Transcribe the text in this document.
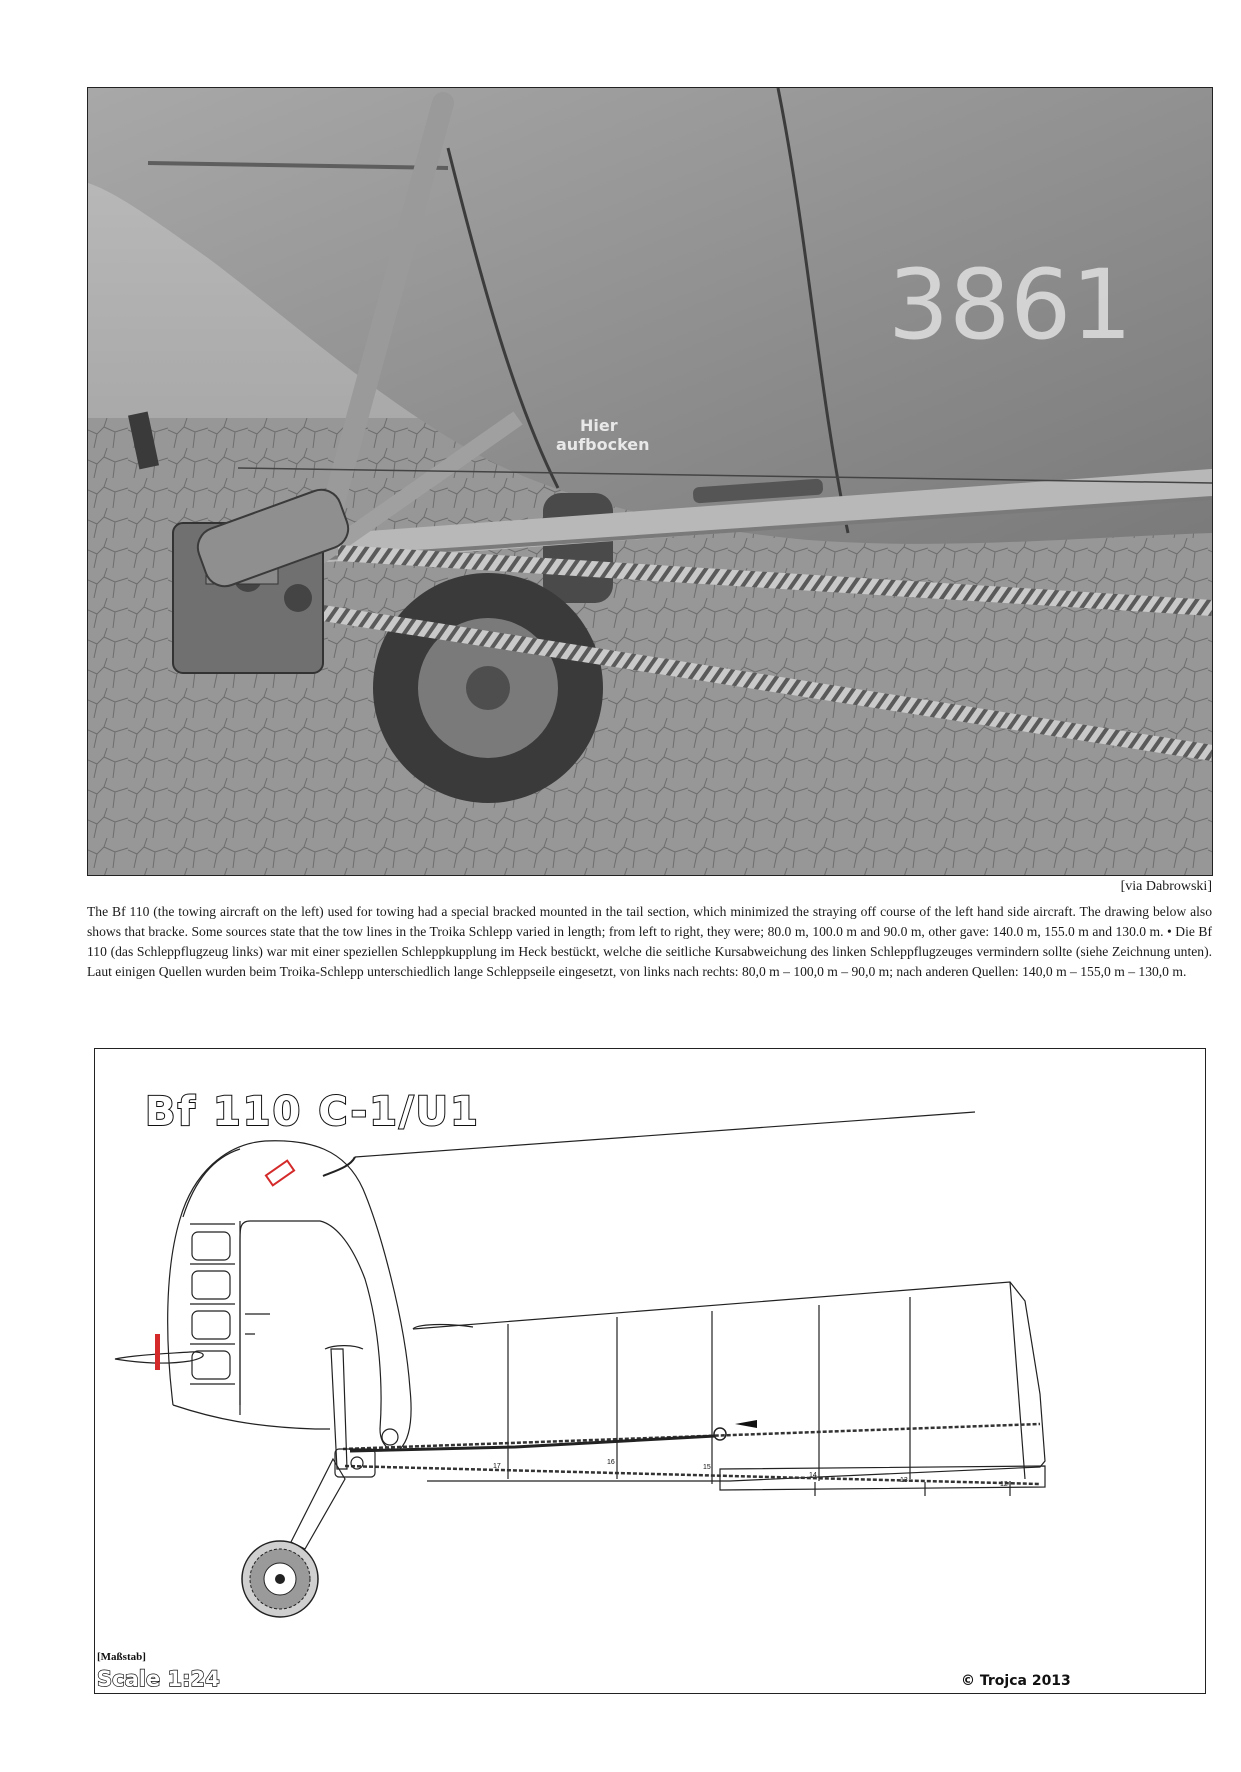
3861
Hier
aufbocken
[via Dabrowski]

The Bf 110 (the towing aircraft on the left) used for towing had a special bracked mounted in the tail section, which minimized the straying off course of the left hand side aircraft. The drawing below also shows that bracke. Some sources state that the tow lines in the Troika Schlepp varied in length; from left to right, they were; 80.0 m, 100.0 m and 90.0 m, other gave: 140.0 m, 155.0 m and 130.0 m. • Die Bf 110 (das Schleppflugzeug links) war mit einer speziellen Schleppkupplung im Heck bestückt, welche die seitliche Kursabweichung des linken Schleppflugzeuges vermindern sollte (siehe Zeichnung unten). Laut einigen Quellen wurden beim Troika-Schlepp unterschiedlich lange Schleppseile eingesetzt, von links nach rechts: 80,0 m – 100,0 m – 90,0 m; nach anderen Quellen: 140,0 m – 155,0 m – 130,0 m.

Bf 110 C-1/U1
17
16
15
14
13
12
[Maßstab]
Scale 1:24	© Trojca 2013
